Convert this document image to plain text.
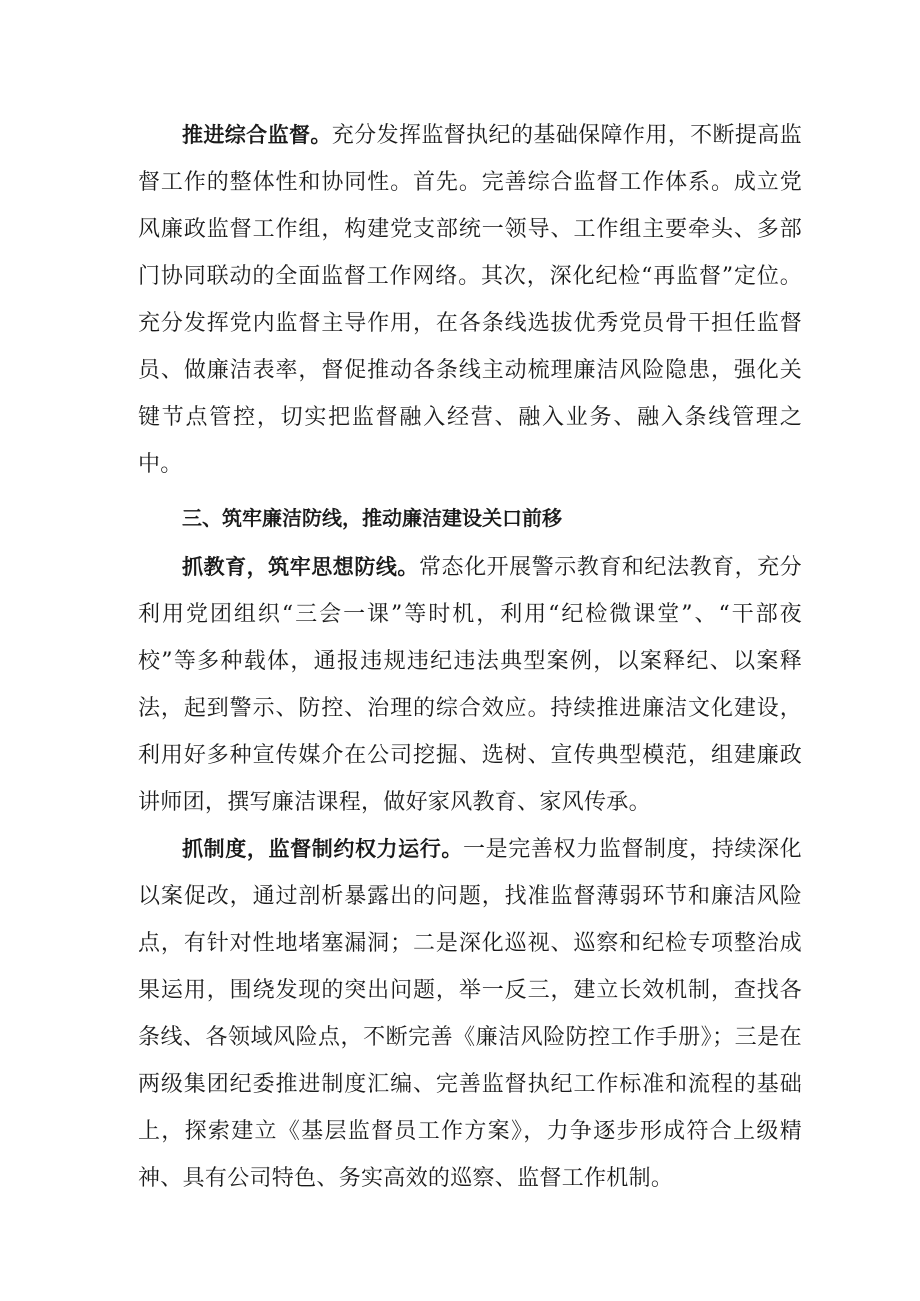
推进综合监督。充分发挥监督执纪的基础保障作用，不断提高监督工作的整体性和协同性。首先。完善综合监督工作体系。成立党风廉政监督工作组，构建党支部统一领导、工作组主要牵头、多部门协同联动的全面监督工作网络。其次，深化纪检“再监督”定位。充分发挥党内监督主导作用，在各条线选拔优秀党员骨干担任监督员、做廉洁表率，督促推动各条线主动梳理廉洁风险隐患，强化关键节点管控，切实把监督融入经营、融入业务、融入条线管理之中。

三、筑牢廉洁防线，推动廉洁建设关口前移

抓教育，筑牢思想防线。常态化开展警示教育和纪法教育，充分利用党团组织“三会一课”等时机，利用“纪检微课堂”、“干部夜校”等多种载体，通报违规违纪违法典型案例，以案释纪、以案释法，起到警示、防控、治理的综合效应。持续推进廉洁文化建设，利用好多种宣传媒介在公司挖掘、选树、宣传典型模范，组建廉政讲师团，撰写廉洁课程，做好家风教育、家风传承。

抓制度，监督制约权力运行。一是完善权力监督制度，持续深化以案促改，通过剖析暴露出的问题，找准监督薄弱环节和廉洁风险点，有针对性地堵塞漏洞；二是深化巡视、巡察和纪检专项整治成果运用，围绕发现的突出问题，举一反三，建立长效机制，查找各条线、各领域风险点，不断完善《廉洁风险防控工作手册》；三是在两级集团纪委推进制度汇编、完善监督执纪工作标准和流程的基础上，探索建立《基层监督员工作方案》，力争逐步形成符合上级精神、具有公司特色、务实高效的巡察、监督工作机制。
